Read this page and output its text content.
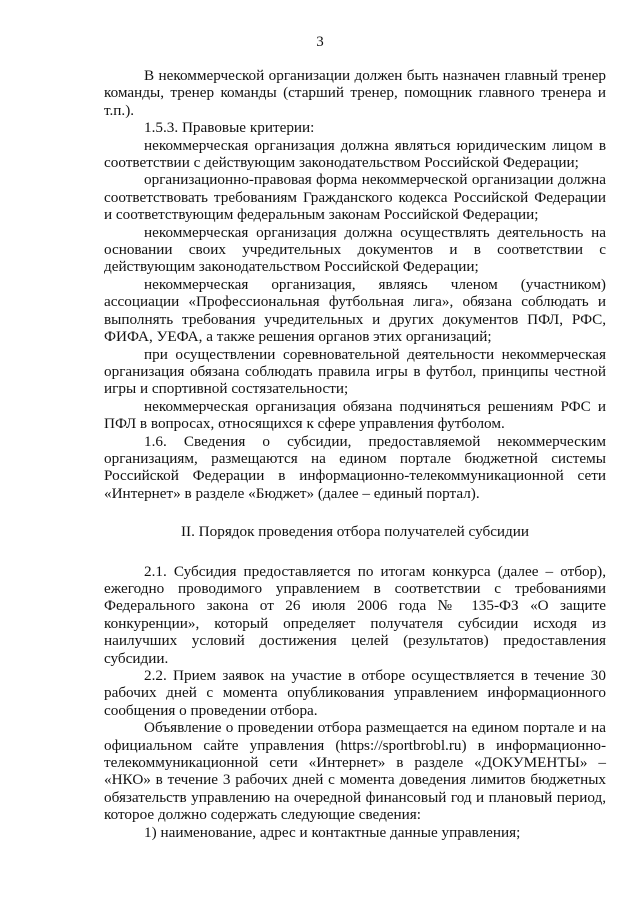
3

В некоммерческой организации должен быть назначен главный тренер команды, тренер команды (старший тренер, помощник главного тренера и т.п.).

1.5.3. Правовые критерии:

некоммерческая организация должна являться юридическим лицом в соответствии с действующим законодательством Российской Федерации;

организационно-правовая форма некоммерческой организации должна соответствовать требованиям Гражданского кодекса Российской Федерации и соответствующим федеральным законам Российской Федерации;

некоммерческая организация должна осуществлять деятельность на основании своих учредительных документов и в соответствии с действующим законодательством Российской Федерации;

некоммерческая организация, являясь членом (участником) ассоциации «Профессиональная футбольная лига», обязана соблюдать и выполнять требования учредительных и других документов ПФЛ, РФС, ФИФА, УЕФА, а также решения органов этих организаций;

при осуществлении соревновательной деятельности некоммерческая организация обязана соблюдать правила игры в футбол, принципы честной игры и спортивной состязательности;

некоммерческая организация обязана подчиняться решениям РФС и ПФЛ в вопросах, относящихся к сфере управления футболом.

1.6. Сведения о субсидии, предоставляемой некоммерческим организациям, размещаются на едином портале бюджетной системы Российской Федерации в информационно-телекоммуникационной сети «Интернет» в разделе «Бюджет» (далее – единый портал).

II. Порядок проведения отбора получателей субсидии

2.1. Субсидия предоставляется по итогам конкурса (далее – отбор), ежегодно проводимого управлением в соответствии с требованиями Федерального закона от 26 июля 2006 года № 135-ФЗ «О защите конкуренции», который определяет получателя субсидии исходя из наилучших условий достижения целей (результатов) предоставления субсидии.

2.2. Прием заявок на участие в отборе осуществляется в течение 30 рабочих дней с момента опубликования управлением информационного сообщения о проведении отбора.

Объявление о проведении отбора размещается на едином портале и на официальном сайте управления (https://sportbrobl.ru) в информационно-телекоммуникационной сети «Интернет» в разделе «ДОКУМЕНТЫ» – «НКО» в течение 3 рабочих дней с момента доведения лимитов бюджетных обязательств управлению на очередной финансовый год и плановый период, которое должно содержать следующие сведения:

1) наименование, адрес и контактные данные управления;
